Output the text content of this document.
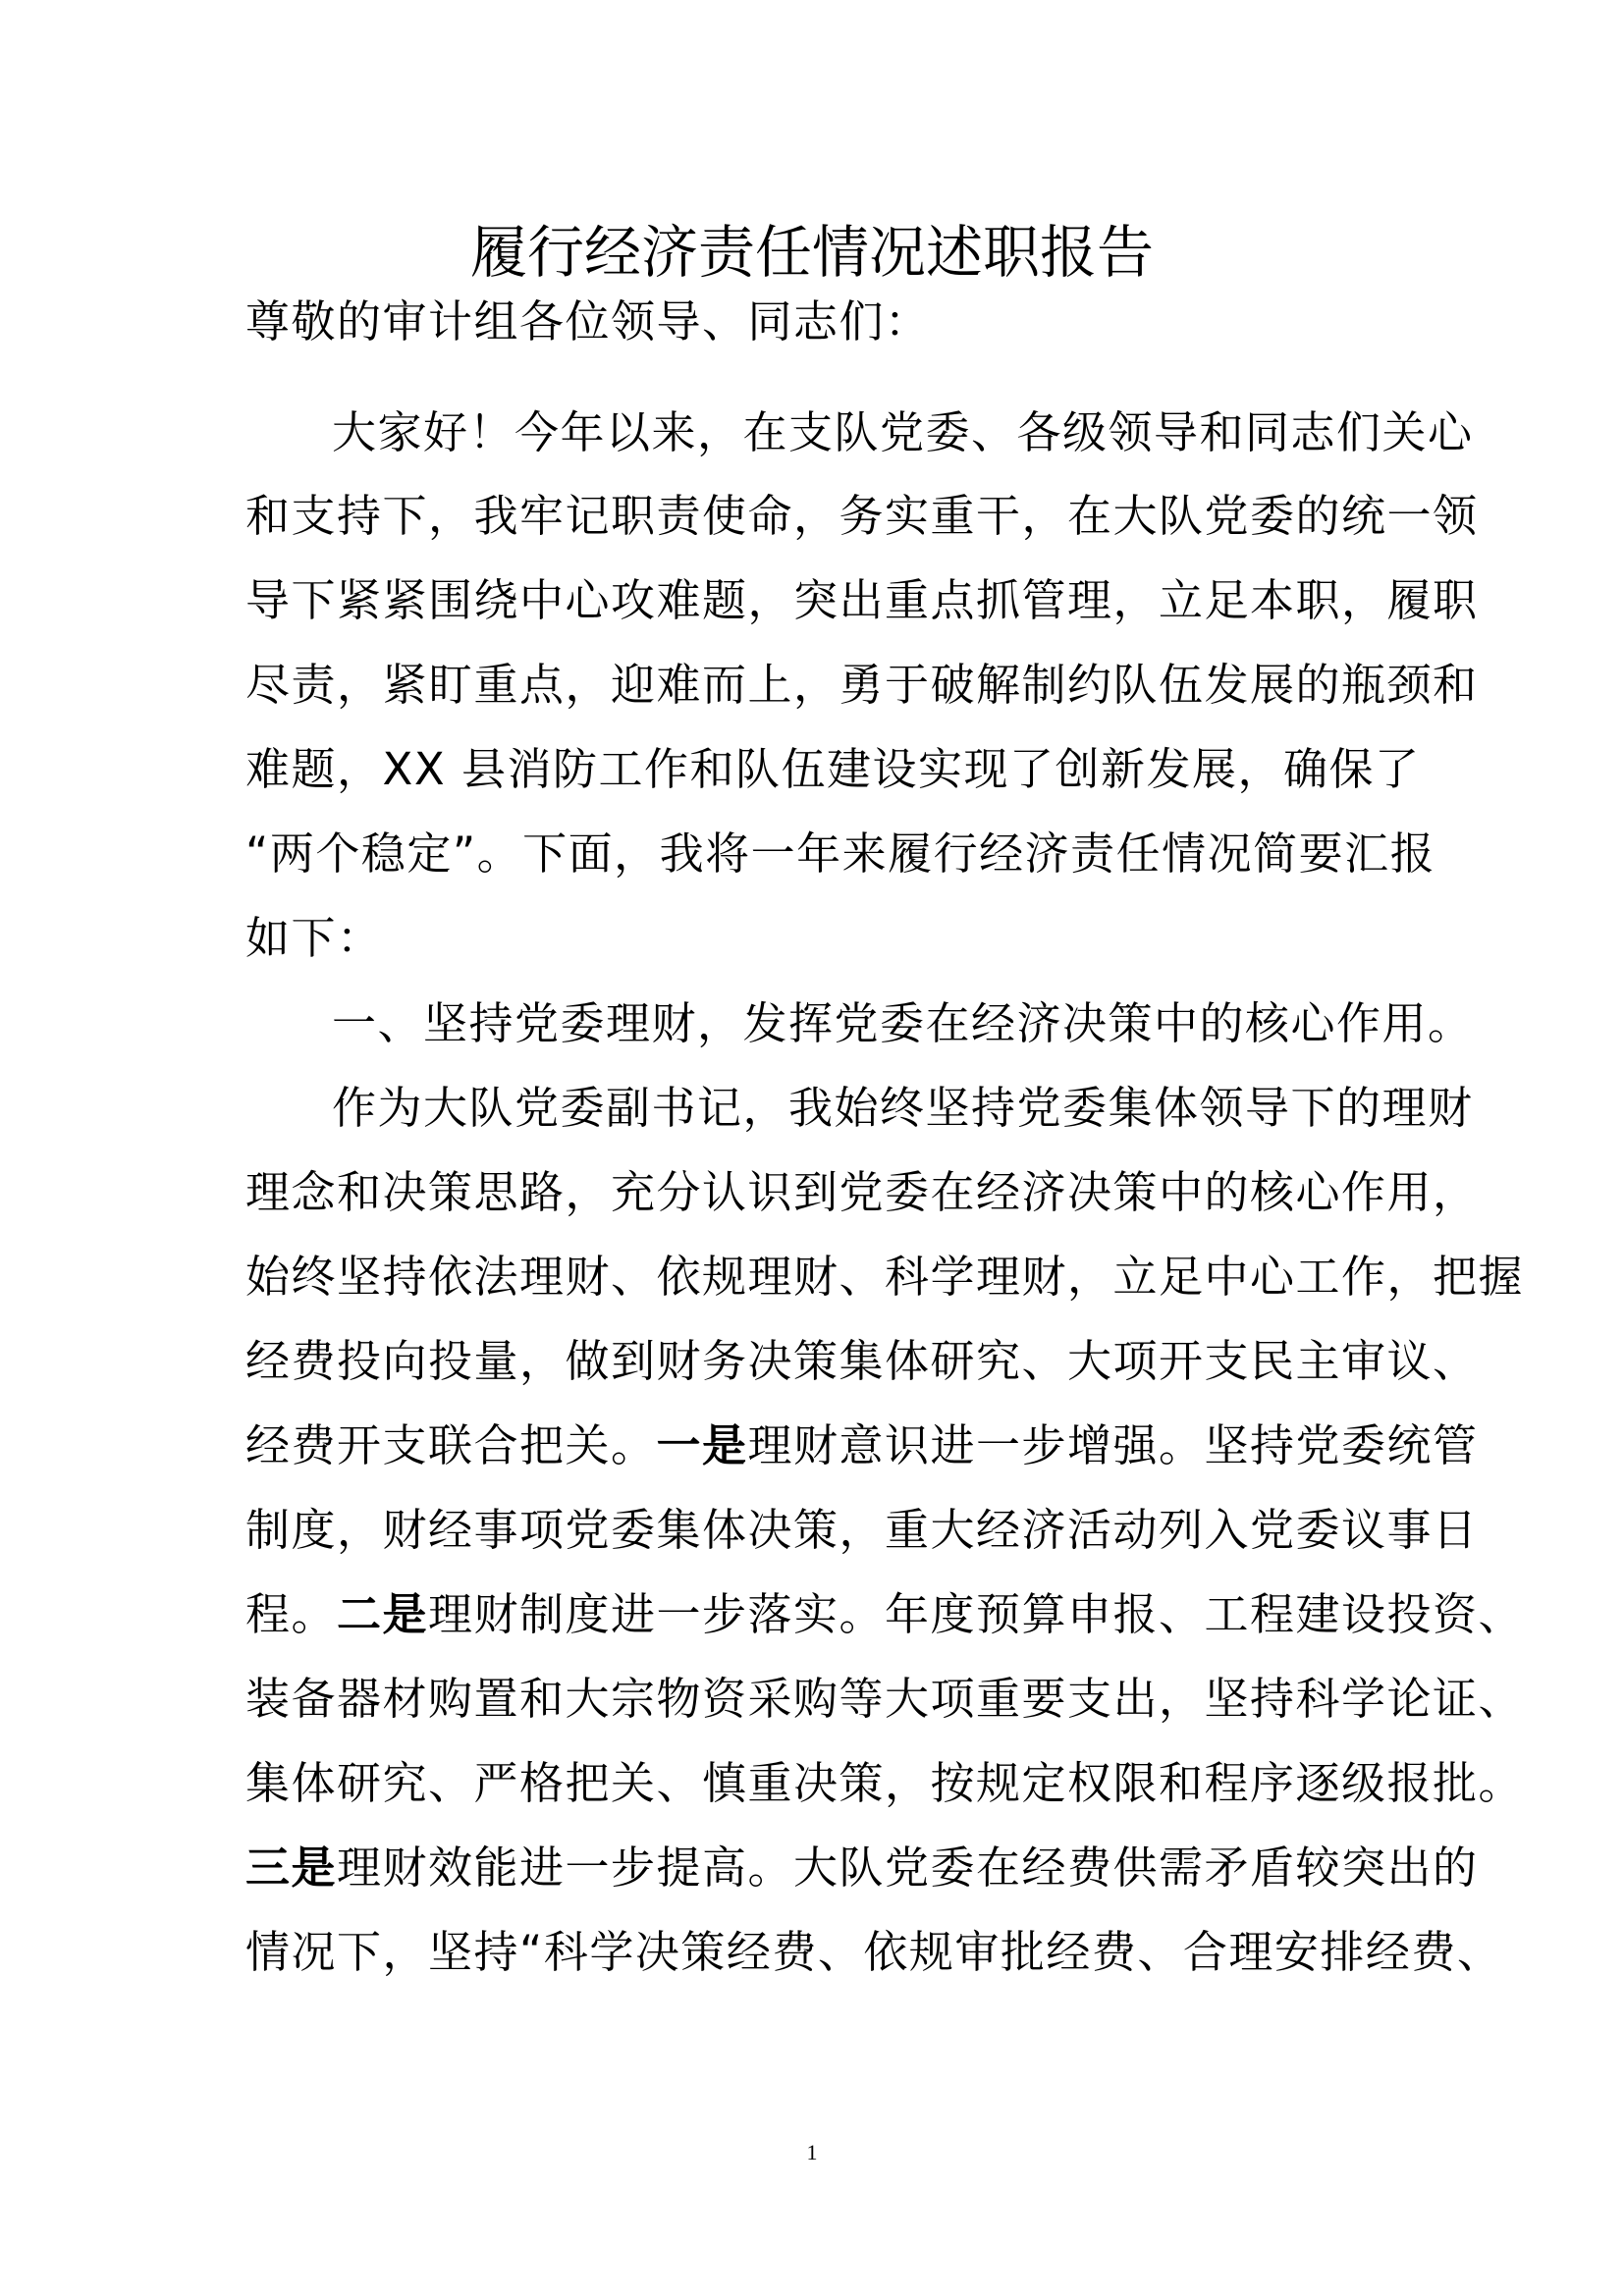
履行经济责任情况述职报告
尊敬的审计组各位领导、同志们：
大家好！今年以来，在支队党委、各级领导和同志们关心
和支持下，我牢记职责使命，务实重干，在大队党委的统一领
导下紧紧围绕中心攻难题，突出重点抓管理，立足本职，履职
尽责，紧盯重点，迎难而上，勇于破解制约队伍发展的瓶颈和
难题，XX 县消防工作和队伍建设实现了创新发展，确保了
“两个稳定”。下面，我将一年来履行经济责任情况简要汇报
如下：
一、坚持党委理财，发挥党委在经济决策中的核心作用。
作为大队党委副书记，我始终坚持党委集体领导下的理财
理念和决策思路，充分认识到党委在经济决策中的核心作用，
始终坚持依法理财、依规理财、科学理财，立足中心工作，把握
经费投向投量，做到财务决策集体研究、大项开支民主审议、
经费开支联合把关。一是理财意识进一步增强。坚持党委统管
制度，财经事项党委集体决策，重大经济活动列入党委议事日
程。二是理财制度进一步落实。年度预算申报、工程建设投资、
装备器材购置和大宗物资采购等大项重要支出，坚持科学论证、
集体研究、严格把关、慎重决策，按规定权限和程序逐级报批。
三是理财效能进一步提高。大队党委在经费供需矛盾较突出的
情况下，坚持“科学决策经费、依规审批经费、合理安排经费、
1
